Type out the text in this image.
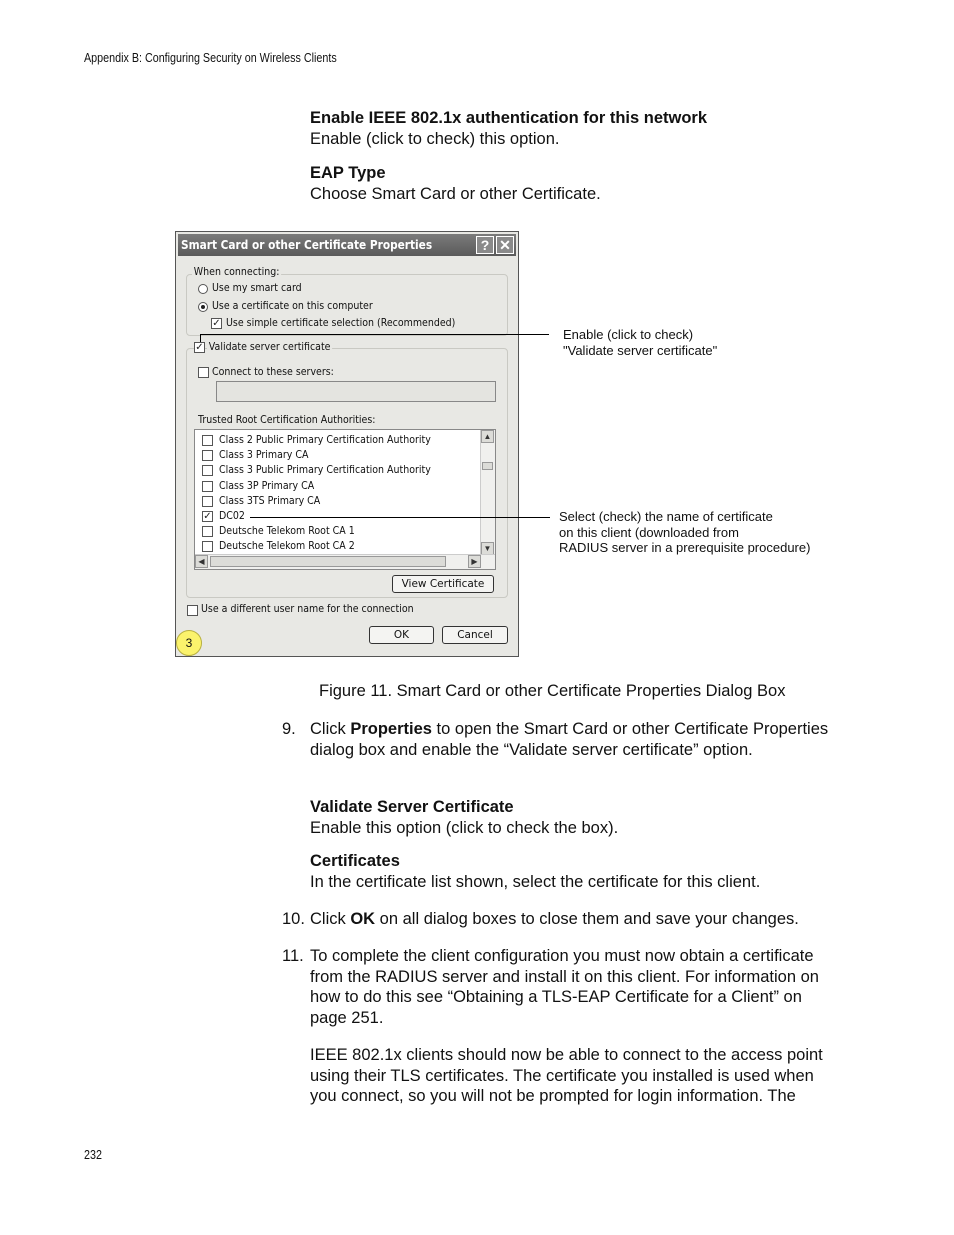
Appendix B: Configuring Security on Wireless Clients
Enable IEEE 802.1x authentication for this network
Enable (click to check) this option.
EAP Type
Choose Smart Card or other Certificate.
Smart Card or other Certificate Properties	? ✕
When connecting:
Use my smart card
Use a certificate on this computer
✓ Use simple certificate selection (Recommended)
✓ Validate server certificate
Connect to these servers:
Trusted Root Certification Authorities:
Class 2 Public Primary Certification Authority
Class 3 Primary CA
Class 3 Public Primary Certification Authority
Class 3P Primary CA
Class 3TS Primary CA
✓ DC02
Deutsche Telekom Root CA 1
Deutsche Telekom Root CA 2
▲
▼
◀	▶
View Certificate
Use a different user name for the connection
OK	Cancel
3
Enable (click to check)
"Validate server certificate"
Select (check) the name of certificate
on this client (downloaded from
RADIUS server in a prerequisite procedure)
Figure 11. Smart Card or other Certificate Properties Dialog Box
9. Click Properties to open the Smart Card or other Certificate Properties dialog box and enable the “Validate server certificate” option.
Validate Server Certificate
Enable this option (click to check the box).
Certificates
In the certificate list shown, select the certificate for this client.
10. Click OK on all dialog boxes to close them and save your changes.
11. To complete the client configuration you must now obtain a certificate from the RADIUS server and install it on this client. For information on how to do this see “Obtaining a TLS-EAP Certificate for a Client” on page 251.
IEEE 802.1x clients should now be able to connect to the access point using their TLS certificates. The certificate you installed is used when you connect, so you will not be prompted for login information. The
232
